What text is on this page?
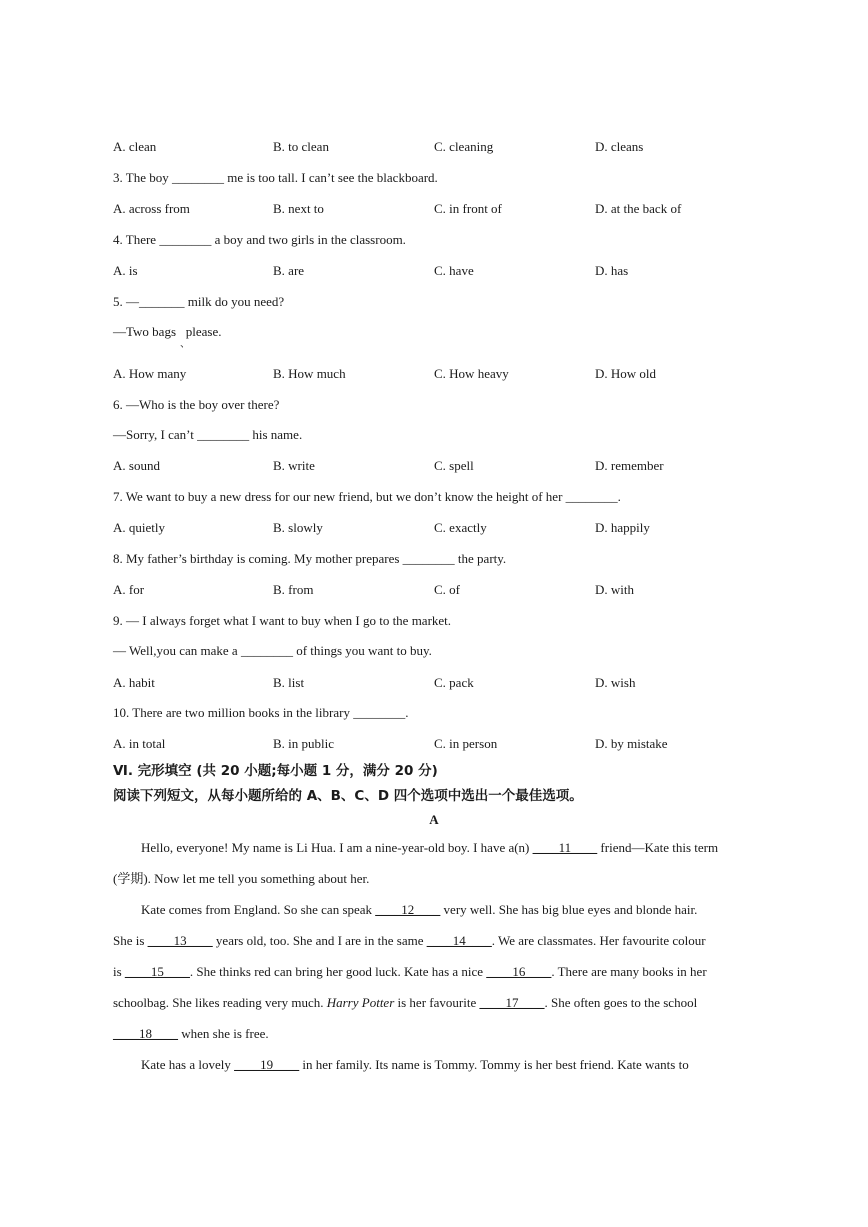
A. clean	B. to clean	C. cleaning	D. cleans
3. The boy ________ me is too tall. I can’t see the blackboard.
A. across from	B. next to	C. in front of	D. at the back of
4. There ________ a boy and two girls in the classroom.
A. is	B. are	C. have	D. has
5. —_______ milk do you need?
—Two bags please.
、
A. How many	B. How much	C. How heavy	D. How old
6. —Who is the boy over there?
—Sorry, I can’t ________ his name.
A. sound	B. write	C. spell	D. remember
7. We want to buy a new dress for our new friend, but we don’t know the height of her ________.
A. quietly	B. slowly	C. exactly	D. happily
8. My father’s birthday is coming. My mother prepares ________ the party.
A. for	B. from	C. of	D. with
9. — I always forget what I want to buy when I go to the market.
— Well,you can make a ________ of things you want to buy.
A. habit	B. list	C. pack	D. wish
10. There are two million books in the library ________.
A. in total	B. in public	C. in person	D. by mistake
Ⅵ. 完形填空 (共 20 小题;每小题 1 分，满分 20 分)
阅读下列短文，从每小题所给的 A、B、C、D 四个选项中选出一个最佳选项。
A
Hello, everyone! My name is Li Hua. I am a nine-year-old boy. I have a(n) ____11____ friend—Kate this term
(学期). Now let me tell you something about her.
Kate comes from England. So she can speak ____12____ very well. She has big blue eyes and blonde hair.
She is ____13____ years old, too. She and I are in the same ____14____. We are classmates. Her favourite colour
is ____15____. She thinks red can bring her good luck. Kate has a nice ____16____. There are many books in her
schoolbag. She likes reading very much. Harry Potter is her favourite ____17____. She often goes to the school
____18____ when she is free.
Kate has a lovely ____19____ in her family. Its name is Tommy. Tommy is her best friend. Kate wants to
